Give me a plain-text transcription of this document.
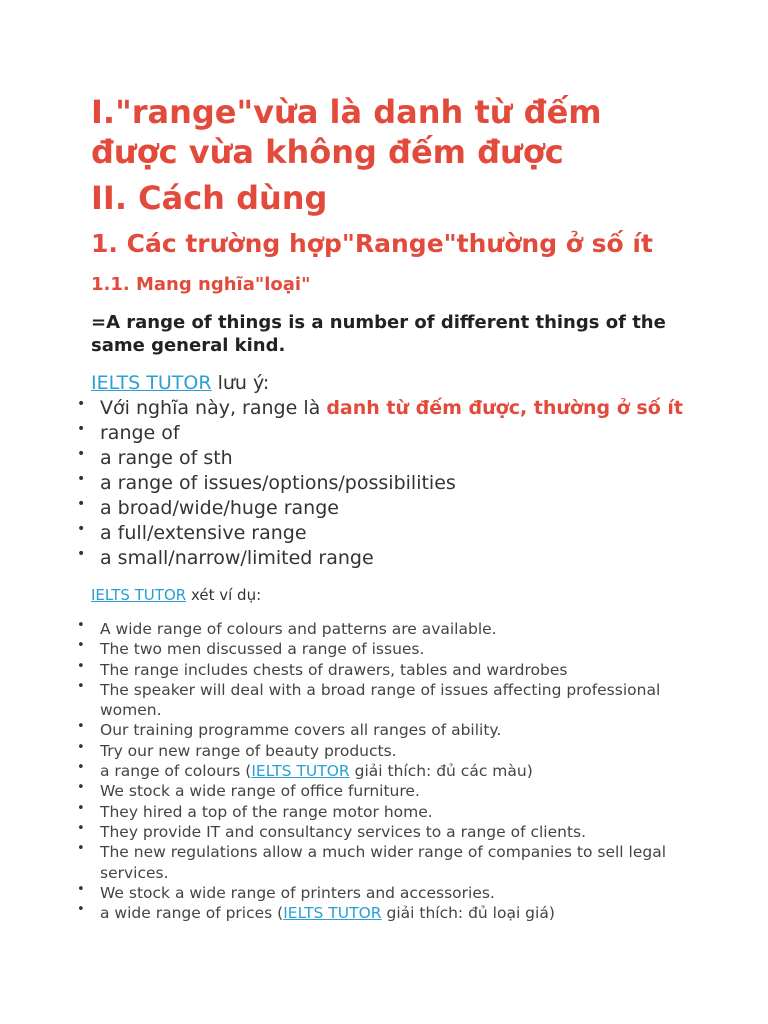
I."range"vừa là danh từ đếm được vừa không đếm được
II. Cách dùng
1. Các trường hợp"Range"thường ở số ít
1.1. Mang nghĩa"loại"

=A range of things is a number of different things of the same general kind.

IELTS TUTOR lưu ý:

• Với nghĩa này, range là danh từ đếm được, thường ở số ít
• range of
• a range of sth
• a range of issues/options/possibilities
• a broad/wide/huge range
• a full/extensive range
• a small/narrow/limited range

IELTS TUTOR xét ví dụ:

• A wide range of colours and patterns are available.
• The two men discussed a range of issues.
• The range includes chests of drawers, tables and wardrobes
• The speaker will deal with a broad range of issues affecting professional women.
• Our training programme covers all ranges of ability.
• Try our new range of beauty products.
• a range of colours (IELTS TUTOR giải thích: đủ các màu)
• We stock a wide range of office furniture.
• They hired a top of the range motor home.
• They provide IT and consultancy services to a range of clients.
• The new regulations allow a much wider range of companies to sell legal services.
• We stock a wide range of printers and accessories.
• a wide range of prices (IELTS TUTOR giải thích: đủ loại giá)
